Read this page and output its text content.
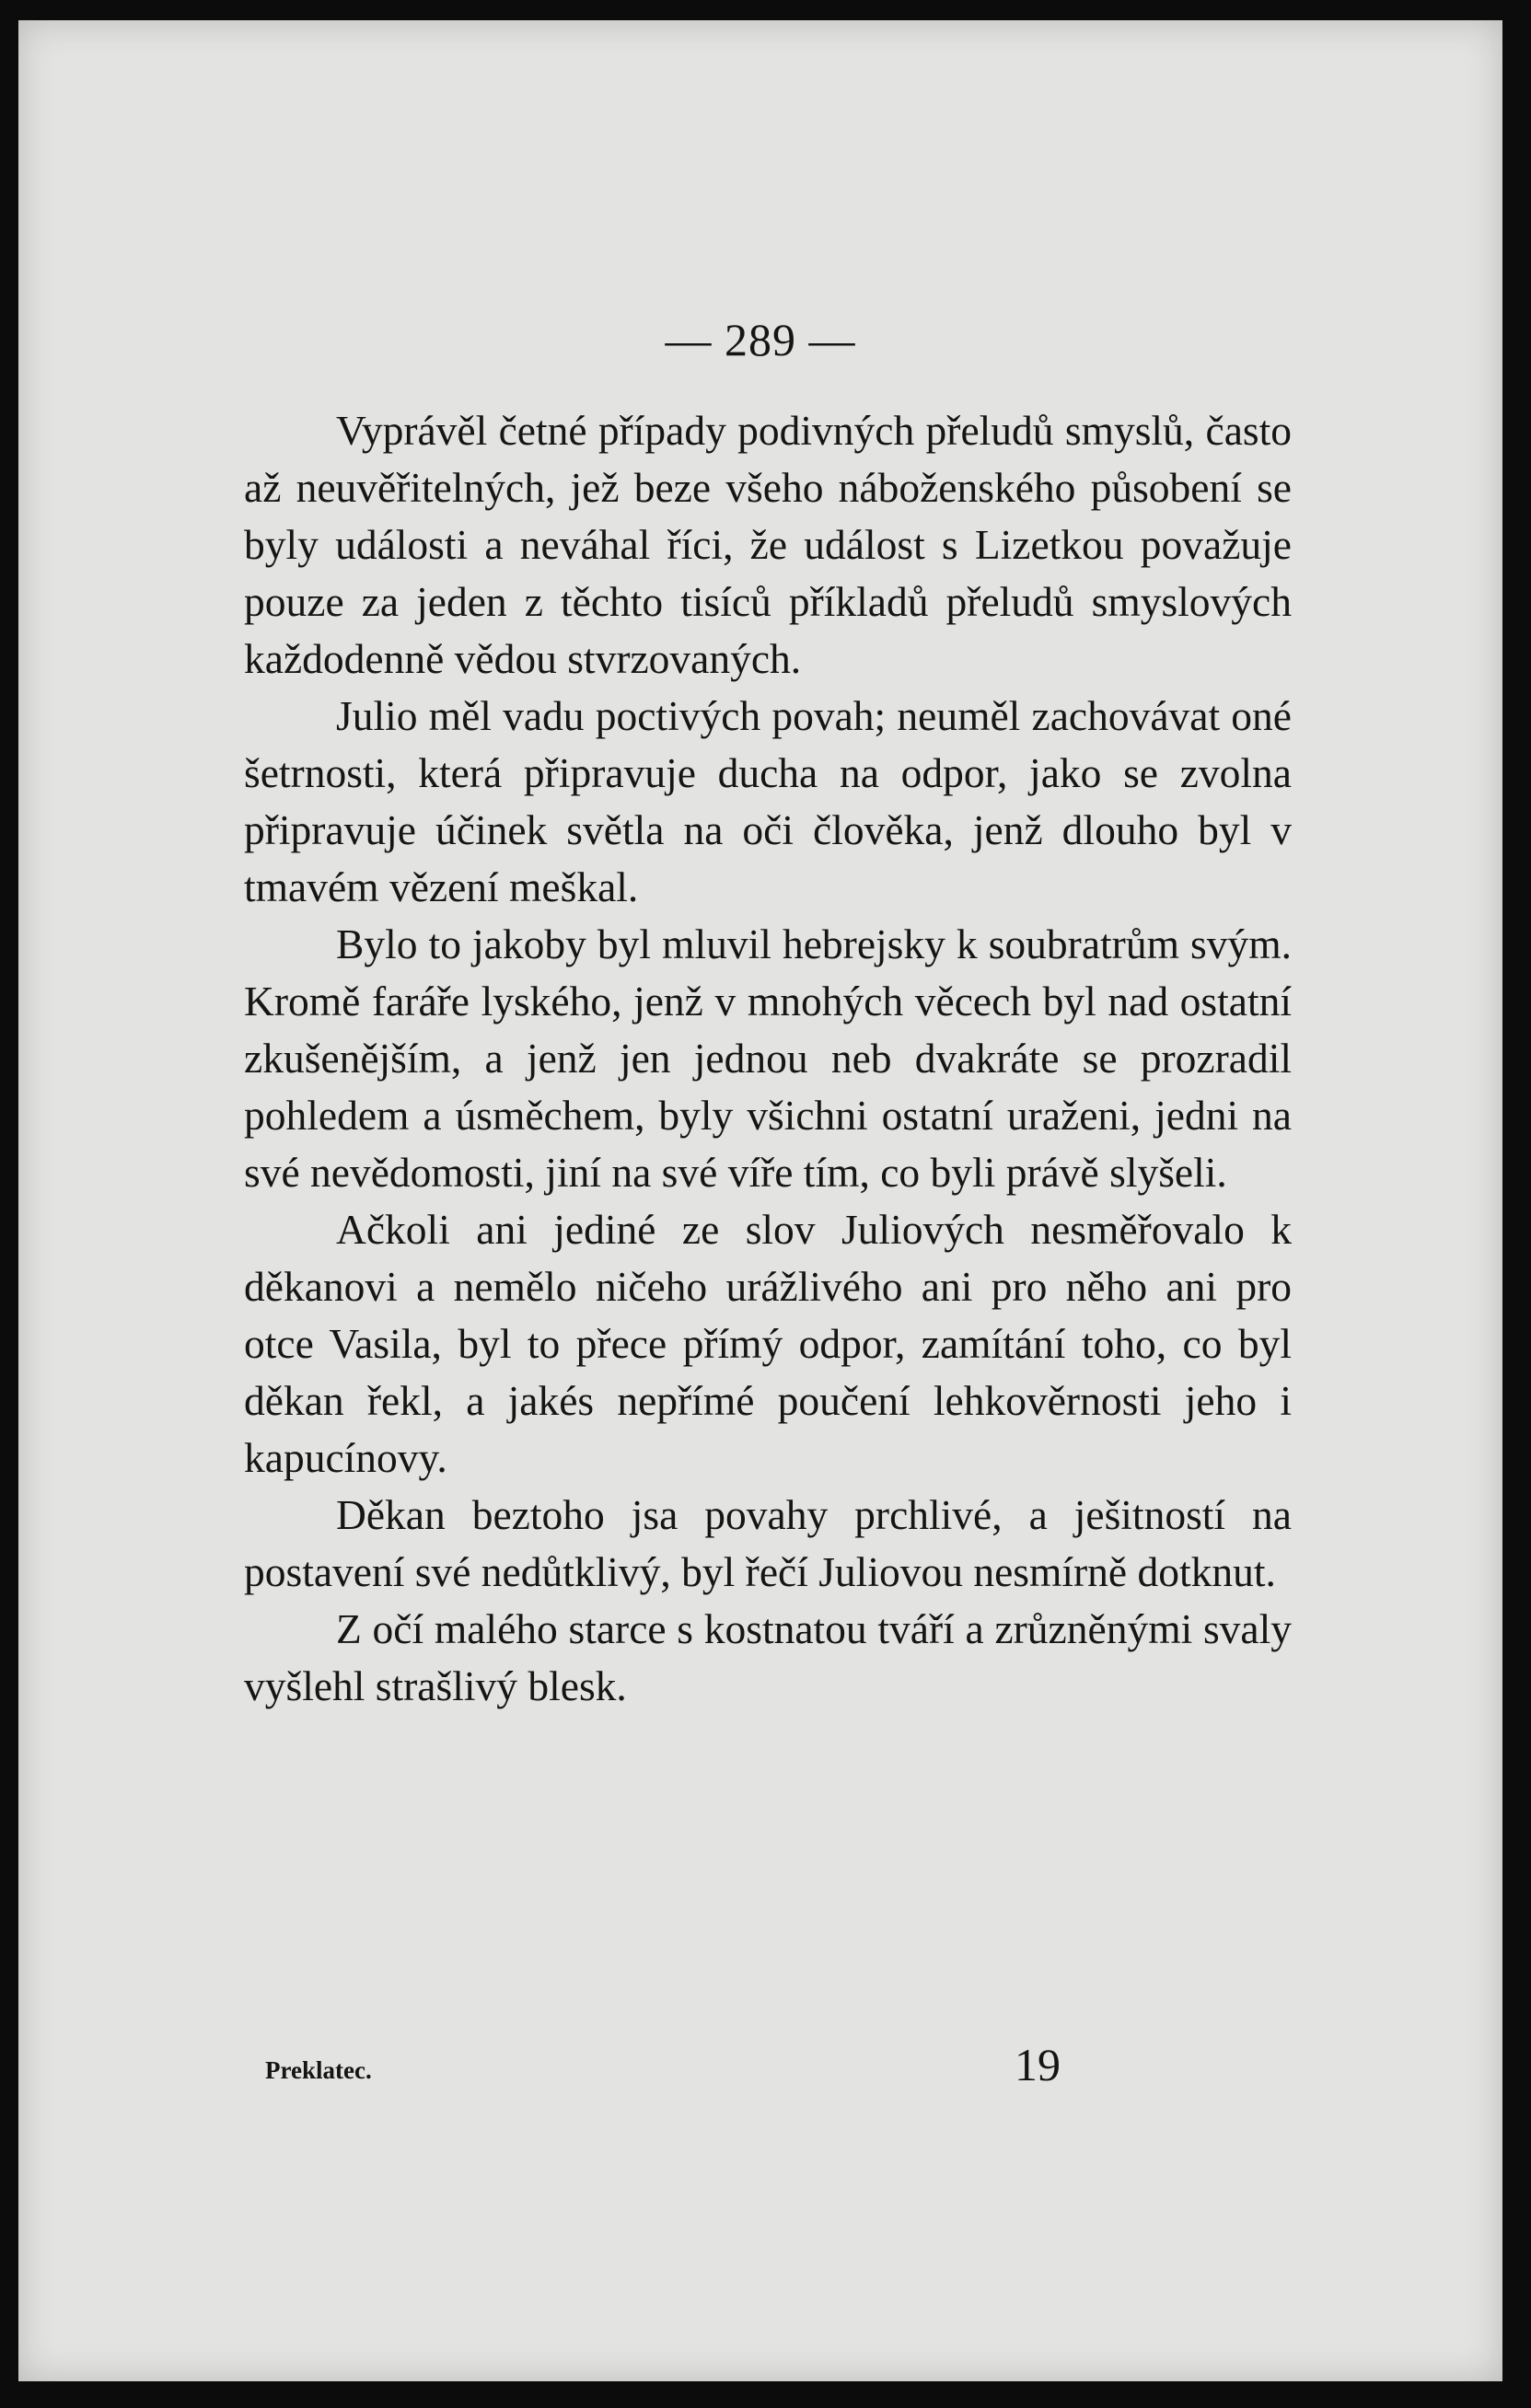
— 289 —

Vyprávěl četné případy podivných přeludů smyslů, často až neuvěřitelných, jež beze všeho náboženského působení se byly události a neváhal říci, že událost s Lizetkou považuje pouze za jeden z těchto tisíců příkladů přeludů smyslových každodenně vědou stvrzovaných.

Julio měl vadu poctivých povah; neuměl zachovávat oné šetrnosti, která připravuje ducha na odpor, jako se zvolna připravuje účinek světla na oči člověka, jenž dlouho byl v tmavém vězení meškal.

Bylo to jakoby byl mluvil hebrejsky k soubratrům svým. Kromě faráře lyského, jenž v mnohých věcech byl nad ostatní zkušenějším, a jenž jen jednou neb dvakráte se prozradil pohledem a úsměchem, byly všichni ostatní uraženi, jedni na své nevědomosti, jiní na své víře tím, co byli právě slyšeli.

Ačkoli ani jediné ze slov Juliových nesměřovalo k děkanovi a nemělo ničeho urážlivého ani pro něho ani pro otce Vasila, byl to přece přímý odpor, zamítání toho, co byl děkan řekl, a jakés nepřímé poučení lehkověrnosti jeho i kapucínovy.

Děkan beztoho jsa povahy prchlivé, a ješitností na postavení své nedůtklivý, byl řečí Juliovou nesmírně dotknut.

Z očí malého starce s kostnatou tváří a zrůzněnými svaly vyšlehl strašlivý blesk.

Preklatec.	19
